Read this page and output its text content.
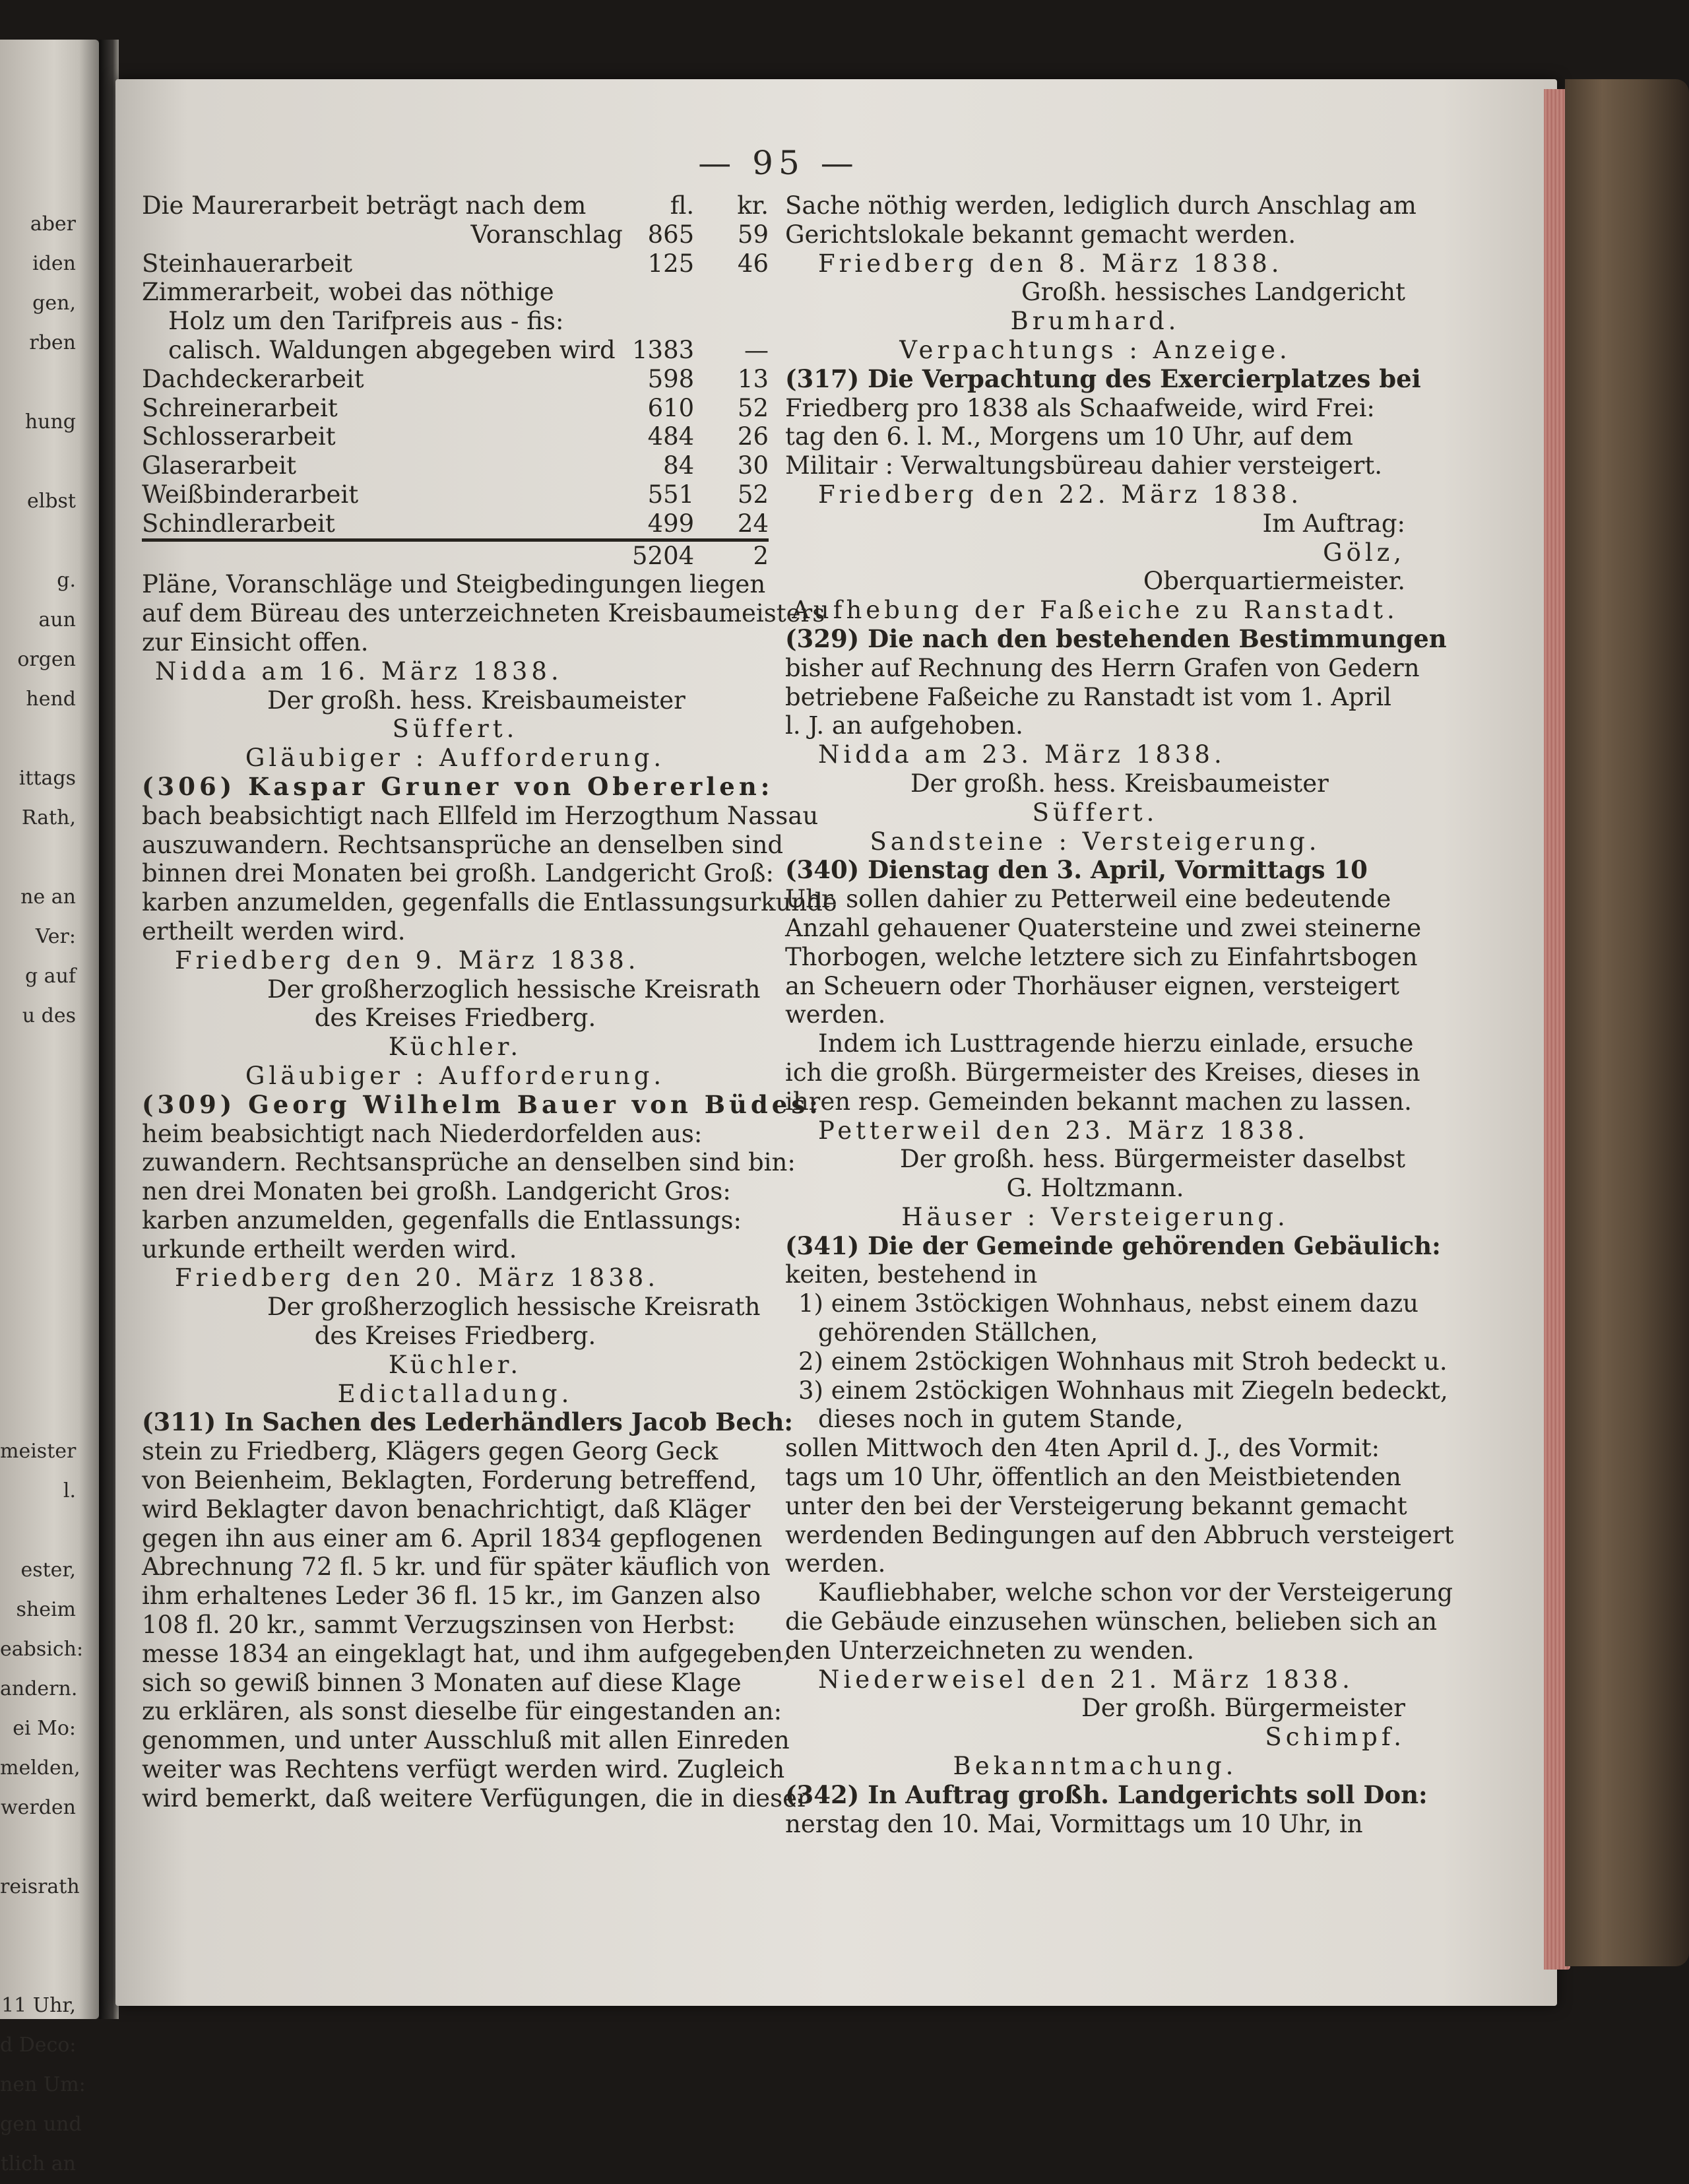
aber
iden
gen,
rben
hung
elbst
g.
aun
orgen
hend
ittags
Rath,
ne an
Ver:
g auf
u des
meister
l.
ester,
sheim
eabsich:
andern.
ei Mo:
melden,
werden
reisrath
11 Uhr,
d Deco:
nen Um:
gen und
tlich an
— 95 —
Die Maurerarbeit beträgt nach dem	fl.	kr.
Voranschlag	865	59
Steinhauerarbeit	125	46
Zimmerarbeit, wobei das nöthige		
Holz um den Tarifpreis aus - fis:		
calisch. Waldungen abgegeben wird	1383	—
Dachdeckerarbeit	598	13
Schreinerarbeit	610	52
Schlosserarbeit	484	26
Glaserarbeit	84	30
Weißbinderarbeit	551	52
Schindlerarbeit	499	24
	5204	2
Pläne, Voranschläge und Steigbedingungen liegen
auf dem Büreau des unterzeichneten Kreisbaumeisters
zur Einsicht offen.
Nidda am 16. März 1838.
Der großh. hess. Kreisbaumeister
Süffert.
Gläubiger : Aufforderung.
(306) Kaspar Gruner von Obererlen:
bach beabsichtigt nach Ellfeld im Herzogthum Nassau
auszuwandern. Rechtsansprüche an denselben sind
binnen drei Monaten bei großh. Landgericht Groß:
karben anzumelden, gegenfalls die Entlassungsurkunde
ertheilt werden wird.
Friedberg den 9. März 1838.
Der großherzoglich hessische Kreisrath
des Kreises Friedberg.
Küchler.
Gläubiger : Aufforderung.
(309) Georg Wilhelm Bauer von Büdes:
heim beabsichtigt nach Niederdorfelden aus:
zuwandern. Rechtsansprüche an denselben sind bin:
nen drei Monaten bei großh. Landgericht Gros:
karben anzumelden, gegenfalls die Entlassungs:
urkunde ertheilt werden wird.
Friedberg den 20. März 1838.
Der großherzoglich hessische Kreisrath
des Kreises Friedberg.
Küchler.
Edictalladung.
(311) In Sachen des Lederhändlers Jacob Bech:
stein zu Friedberg, Klägers gegen Georg Geck
von Beienheim, Beklagten, Forderung betreffend,
wird Beklagter davon benachrichtigt, daß Kläger
gegen ihn aus einer am 6. April 1834 gepflogenen
Abrechnung 72 fl. 5 kr. und für später käuflich von
ihm erhaltenes Leder 36 fl. 15 kr., im Ganzen also
108 fl. 20 kr., sammt Verzugszinsen von Herbst:
messe 1834 an eingeklagt hat, und ihm aufgegeben,
sich so gewiß binnen 3 Monaten auf diese Klage
zu erklären, als sonst dieselbe für eingestanden an:
genommen, und unter Ausschluß mit allen Einreden
weiter was Rechtens verfügt werden wird. Zugleich
wird bemerkt, daß weitere Verfügungen, die in dieser
Sache nöthig werden, lediglich durch Anschlag am
Gerichtslokale bekannt gemacht werden.
Friedberg den 8. März 1838.
Großh. hessisches Landgericht
Brumhard.
Verpachtungs : Anzeige.
(317) Die Verpachtung des Exercierplatzes bei
Friedberg pro 1838 als Schaafweide, wird Frei:
tag den 6. l. M., Morgens um 10 Uhr, auf dem
Militair : Verwaltungsbüreau dahier versteigert.
Friedberg den 22. März 1838.
Im Auftrag:
Gölz,
Oberquartiermeister.
Aufhebung der Faßeiche zu Ranstadt.
(329) Die nach den bestehenden Bestimmungen
bisher auf Rechnung des Herrn Grafen von Gedern
betriebene Faßeiche zu Ranstadt ist vom 1. April
l. J. an aufgehoben.
Nidda am 23. März 1838.
Der großh. hess. Kreisbaumeister
Süffert.
Sandsteine : Versteigerung.
(340) Dienstag den 3. April, Vormittags 10
Uhr, sollen dahier zu Petterweil eine bedeutende
Anzahl gehauener Quatersteine und zwei steinerne
Thorbogen, welche letztere sich zu Einfahrtsbogen
an Scheuern oder Thorhäuser eignen, versteigert
werden.
Indem ich Lusttragende hierzu einlade, ersuche
ich die großh. Bürgermeister des Kreises, dieses in
ihren resp. Gemeinden bekannt machen zu lassen.
Petterweil den 23. März 1838.
Der großh. hess. Bürgermeister daselbst
G. Holtzmann.
Häuser : Versteigerung.
(341) Die der Gemeinde gehörenden Gebäulich:
keiten, bestehend in
1) einem 3stöckigen Wohnhaus, nebst einem dazu
gehörenden Ställchen,
2) einem 2stöckigen Wohnhaus mit Stroh bedeckt u.
3) einem 2stöckigen Wohnhaus mit Ziegeln bedeckt,
dieses noch in gutem Stande,
sollen Mittwoch den 4ten April d. J., des Vormit:
tags um 10 Uhr, öffentlich an den Meistbietenden
unter den bei der Versteigerung bekannt gemacht
werdenden Bedingungen auf den Abbruch versteigert
werden.
Kaufliebhaber, welche schon vor der Versteigerung
die Gebäude einzusehen wünschen, belieben sich an
den Unterzeichneten zu wenden.
Niederweisel den 21. März 1838.
Der großh. Bürgermeister
Schimpf.
Bekanntmachung.
(342) In Auftrag großh. Landgerichts soll Don:
nerstag den 10. Mai, Vormittags um 10 Uhr, in
